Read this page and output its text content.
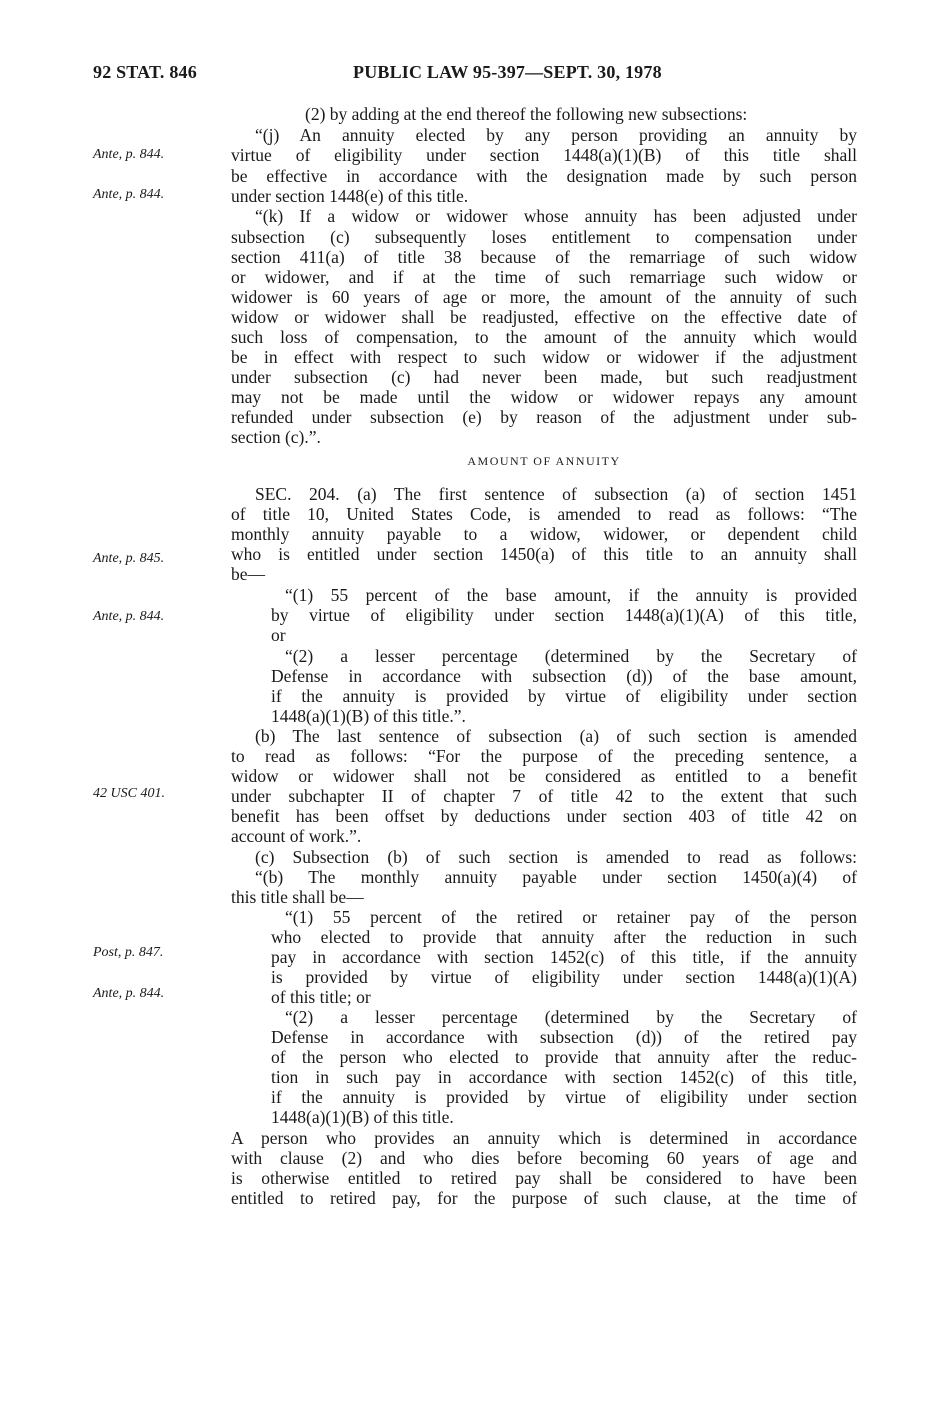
92 STAT. 846	PUBLIC LAW 95-397—SEPT. 30, 1978
Ante, p. 844.
Ante, p. 844.
Ante, p. 845.
Ante, p. 844.
42 USC 401.
Post, p. 847.
Ante, p. 844.
(2) by adding at the end thereof the following new subsections:
“(j) An annuity elected by any person providing an annuity by
virtue of eligibility under section 1448(a)(1)(B) of this title shall
be effective in accordance with the designation made by such person
under section 1448(e) of this title.
“(k) If a widow or widower whose annuity has been adjusted under
subsection (c) subsequently loses entitlement to compensation under
section 411(a) of title 38 because of the remarriage of such widow
or widower, and if at the time of such remarriage such widow or
widower is 60 years of age or more, the amount of the annuity of such
widow or widower shall be readjusted, effective on the effective date of
such loss of compensation, to the amount of the annuity which would
be in effect with respect to such widow or widower if the adjustment
under subsection (c) had never been made, but such readjustment
may not be made until the widow or widower repays any amount
refunded under subsection (e) by reason of the adjustment under sub-
section (c).”.
AMOUNT OF ANNUITY
SEC. 204. (a) The first sentence of subsection (a) of section 1451
of title 10, United States Code, is amended to read as follows: “The
monthly annuity payable to a widow, widower, or dependent child
who is entitled under section 1450(a) of this title to an annuity shall
be—
“(1) 55 percent of the base amount, if the annuity is provided
by virtue of eligibility under section 1448(a)(1)(A) of this title,
or
“(2) a lesser percentage (determined by the Secretary of
Defense in accordance with subsection (d)) of the base amount,
if the annuity is provided by virtue of eligibility under section
1448(a)(1)(B) of this title.”.
(b) The last sentence of subsection (a) of such section is amended
to read as follows: “For the purpose of the preceding sentence, a
widow or widower shall not be considered as entitled to a benefit
under subchapter II of chapter 7 of title 42 to the extent that such
benefit has been offset by deductions under section 403 of title 42 on
account of work.”.
(c) Subsection (b) of such section is amended to read as follows:
“(b) The monthly annuity payable under section 1450(a)(4) of
this title shall be—
“(1) 55 percent of the retired or retainer pay of the person
who elected to provide that annuity after the reduction in such
pay in accordance with section 1452(c) of this title, if the annuity
is provided by virtue of eligibility under section 1448(a)(1)(A)
of this title; or
“(2) a lesser percentage (determined by the Secretary of
Defense in accordance with subsection (d)) of the retired pay
of the person who elected to provide that annuity after the reduc-
tion in such pay in accordance with section 1452(c) of this title,
if the annuity is provided by virtue of eligibility under section
1448(a)(1)(B) of this title.
A person who provides an annuity which is determined in accordance
with clause (2) and who dies before becoming 60 years of age and
is otherwise entitled to retired pay shall be considered to have been
entitled to retired pay, for the purpose of such clause, at the time of
